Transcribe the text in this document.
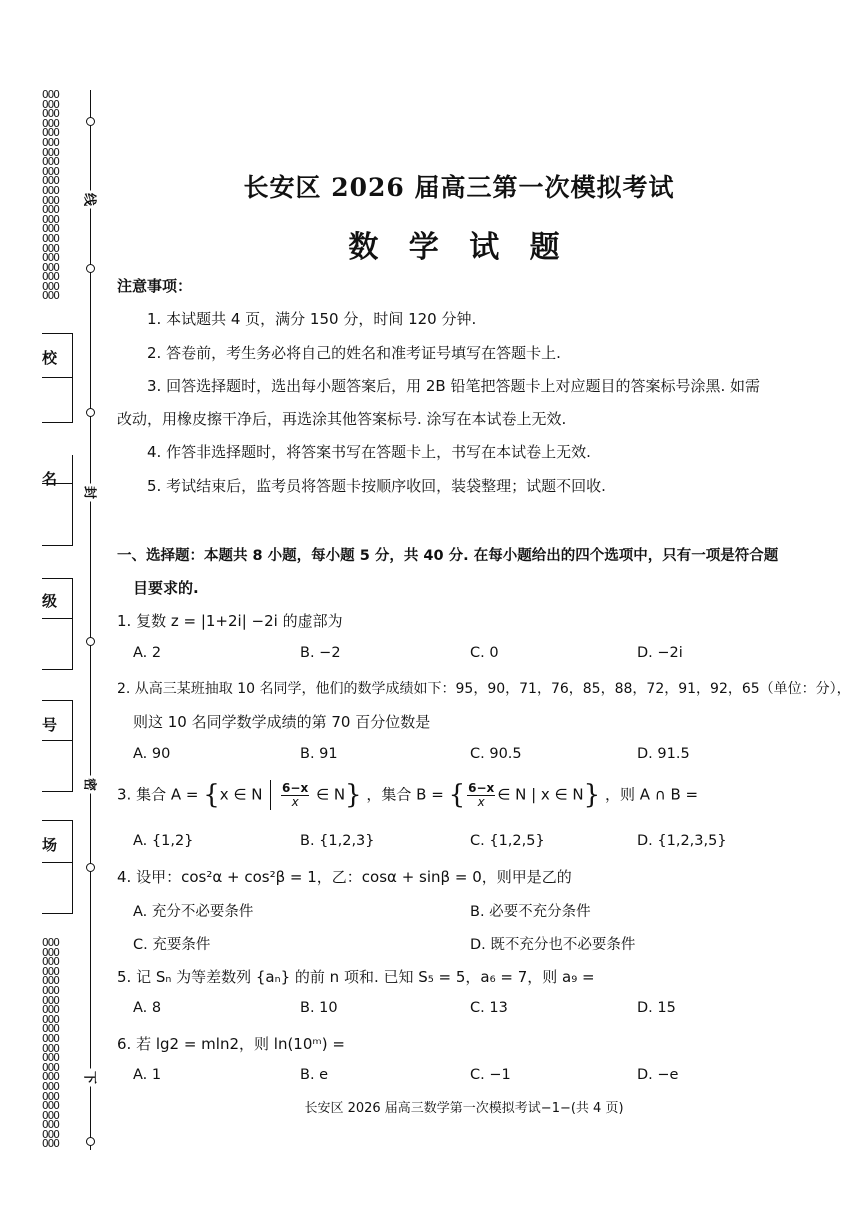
OOO
OOO
OOO
OOO
OOO
OOO
OOO
OOO
OOO
OOO
OOO
OOO
OOO
OOO
OOO
OOO
OOO
OOO
OOO
OOO
OOO
OOO
OOO
OOO
OOO
OOO
OOO
OOO
OOO
OOO
OOO
OOO
OOO
OOO
OOO
OOO
OOO
OOO
OOO
OOO
OOO
OOO
OOO
OOO
线
封
密
下
校
名
级
号
场
长安区 2026 届高三第一次模拟考试
数 学 试 题
注意事项：
1. 本试题共 4 页，满分 150 分，时间 120 分钟.
2. 答卷前，考生务必将自己的姓名和准考证号填写在答题卡上.
3. 回答选择题时，选出每小题答案后，用 2B 铅笔把答题卡上对应题目的答案标号涂黑. 如需
改动，用橡皮擦干净后，再选涂其他答案标号. 涂写在本试卷上无效.
4. 作答非选择题时，将答案书写在答题卡上，书写在本试卷上无效.
5. 考试结束后，监考员将答题卡按顺序收回，装袋整理；试题不回收.
一、选择题：本题共 8 小题，每小题 5 分，共 40 分. 在每小题给出的四个选项中，只有一项是符合题
目要求的.
1. 复数 z = |1+2i| −2i 的虚部为
A. 2	B. −2	C. 0	D. −2i
2. 从高三某班抽取 10 名同学，他们的数学成绩如下：95，90，71，76，85，88，72，91，92，65（单位：分），
则这 10 名同学数学成绩的第 70 百分位数是
A. 90	B. 91	C. 90.5	D. 91.5
3. 集合 A = {x ∈ N $\frac{6-x}{x}$ ∈ N} ，集合 B = { $\frac{6-x}{x}$ ∈ N | x ∈ N} ，则 A ∩ B =
A. {1,2}	B. {1,2,3}	C. {1,2,5}	D. {1,2,3,5}
4. 设甲：cos²α + cos²β = 1，乙：cosα + sinβ = 0，则甲是乙的
A. 充分不必要条件	B. 必要不充分条件
C. 充要条件	D. 既不充分也不必要条件
5. 记 Sₙ 为等差数列 {aₙ} 的前 n 项和. 已知 S₅ = 5，a₆ = 7，则 a₉ =
A. 8	B. 10	C. 13	D. 15
6. 若 lg2 = mln2，则 ln(10ᵐ) =
A. 1	B. e	C. −1	D. −e
长安区 2026 届高三数学第一次模拟考试−1−(共 4 页)
